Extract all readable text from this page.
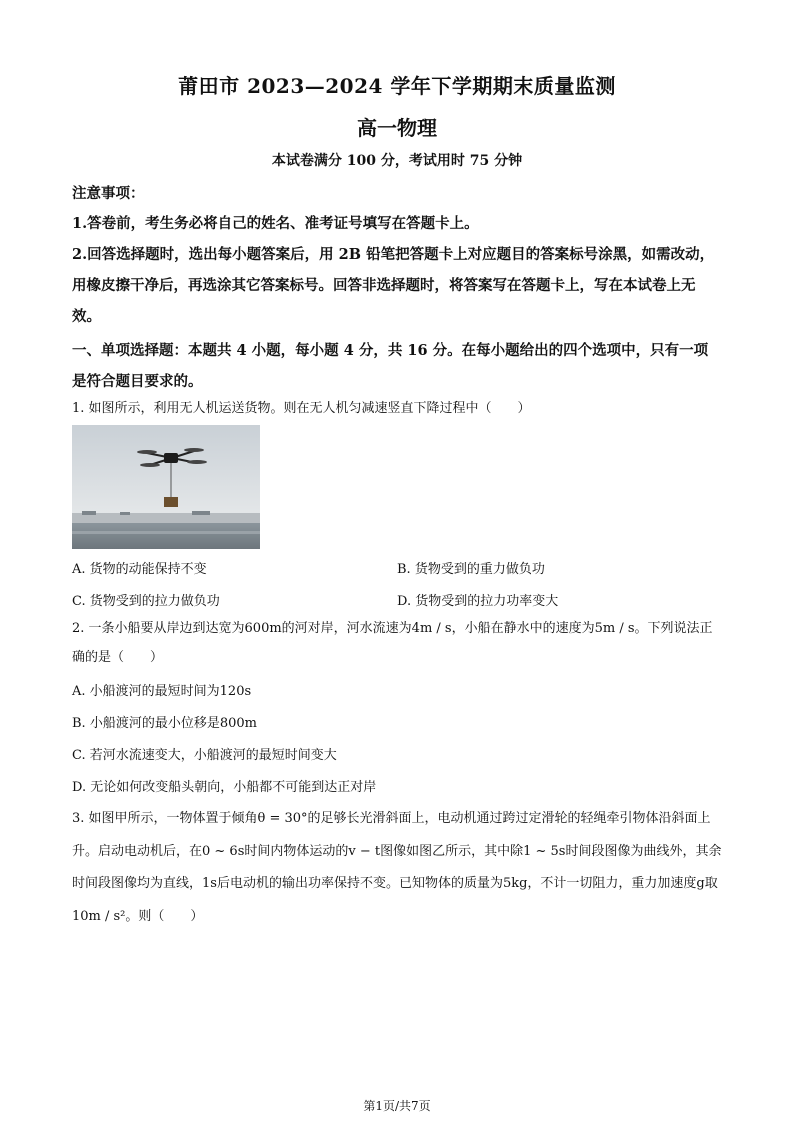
莆田市 2023—2024 学年下学期期末质量监测
高一物理
本试卷满分 100 分，考试用时 75 分钟
注意事项：
1.答卷前，考生务必将自己的姓名、准考证号填写在答题卡上。
2.回答选择题时，选出每小题答案后，用 2B 铅笔把答题卡上对应题目的答案标号涂黑，如需改动，用橡皮擦干净后，再选涂其它答案标号。回答非选择题时，将答案写在答题卡上，写在本试卷上无效。
一、单项选择题：本题共 4 小题，每小题 4 分，共 16 分。在每小题给出的四个选项中，只有一项是符合题目要求的。
1. 如图所示，利用无人机运送货物。则在无人机匀减速竖直下降过程中（　　）
A. 货物的动能保持不变	B. 货物受到的重力做负功
C. 货物受到的拉力做负功	D. 货物受到的拉力功率变大
2. 一条小船要从岸边到达宽为600m的河对岸，河水流速为4m / s，小船在静水中的速度为5m / s。下列说法正确的是（　　）
A. 小船渡河的最短时间为120s
B. 小船渡河的最小位移是800m
C. 若河水流速变大，小船渡河的最短时间变大
D. 无论如何改变船头朝向，小船都不可能到达正对岸
3. 如图甲所示，一物体置于倾角θ = 30°的足够长光滑斜面上，电动机通过跨过定滑轮的轻绳牵引物体沿斜面上升。启动电动机后，在0 ~ 6s时间内物体运动的v − t图像如图乙所示，其中除1 ~ 5s时间段图像为曲线外，其余时间段图像均为直线，1s后电动机的输出功率保持不变。已知物体的质量为5kg，不计一切阻力，重力加速度g取10m / s²。则（　　）
第1页/共7页
